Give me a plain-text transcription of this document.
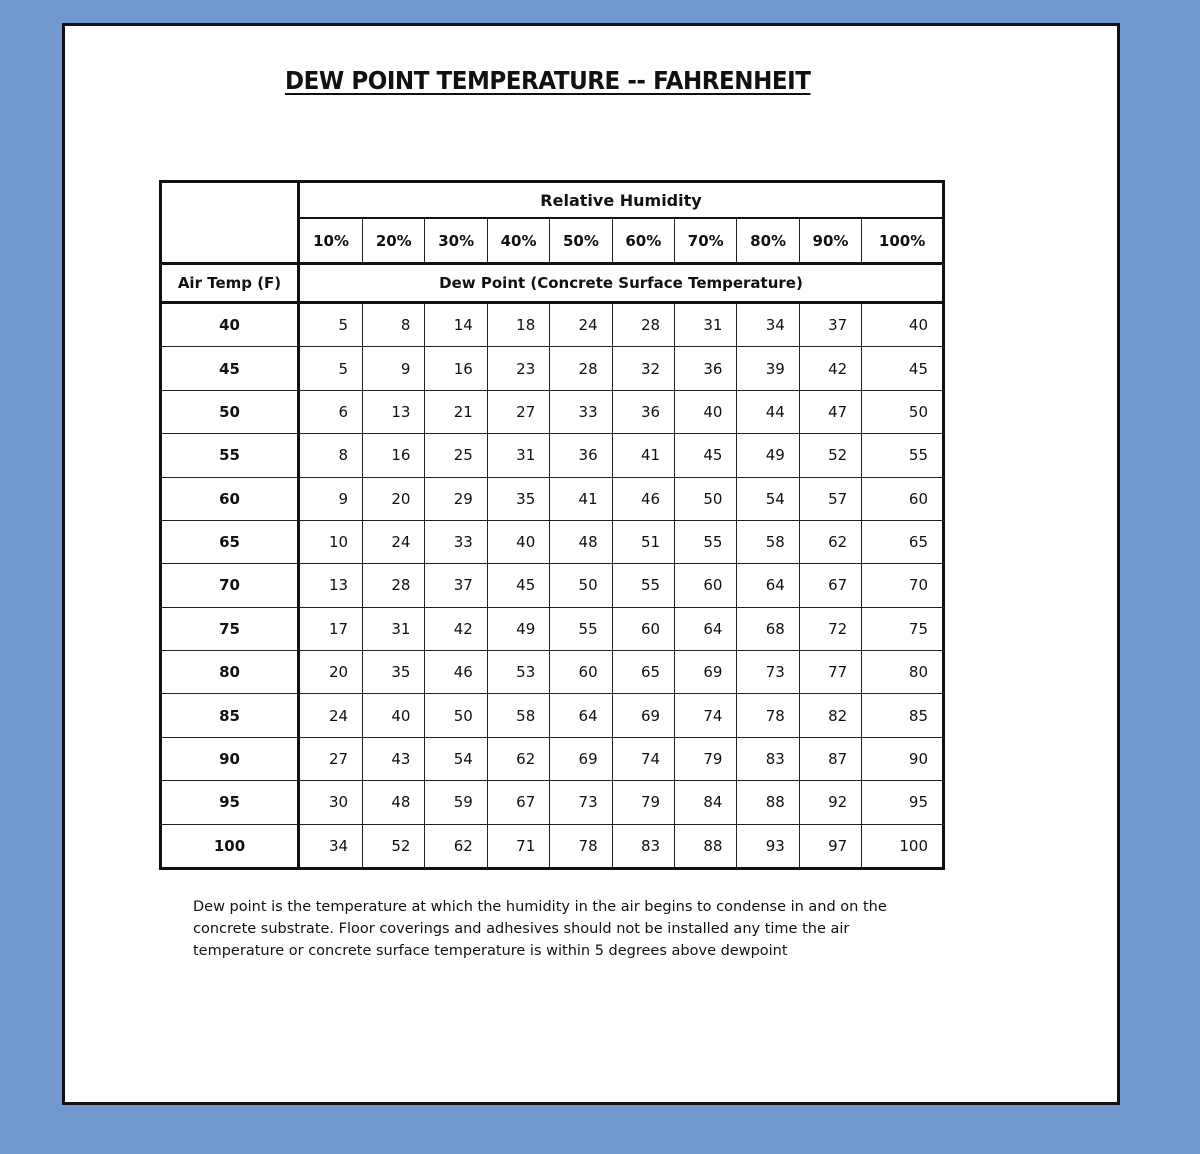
DEW POINT TEMPERATURE -- FAHRENHEIT
	Relative Humidity									
	10%	20%	30%	40%	50%	60%	70%	80%	90%	100%
Air Temp (F)	Dew Point (Concrete Surface Temperature)									
40	5	8	14	18	24	28	31	34	37	40
45	5	9	16	23	28	32	36	39	42	45
50	6	13	21	27	33	36	40	44	47	50
55	8	16	25	31	36	41	45	49	52	55
60	9	20	29	35	41	46	50	54	57	60
65	10	24	33	40	48	51	55	58	62	65
70	13	28	37	45	50	55	60	64	67	70
75	17	31	42	49	55	60	64	68	72	75
80	20	35	46	53	60	65	69	73	77	80
85	24	40	50	58	64	69	74	78	82	85
90	27	43	54	62	69	74	79	83	87	90
95	30	48	59	67	73	79	84	88	92	95
100	34	52	62	71	78	83	88	93	97	100
Dew point is the temperature at which the humidity in the air begins to condense in and on the concrete substrate. Floor coverings and adhesives should not be installed any time the air temperature or concrete surface temperature is within 5 degrees above dewpoint
